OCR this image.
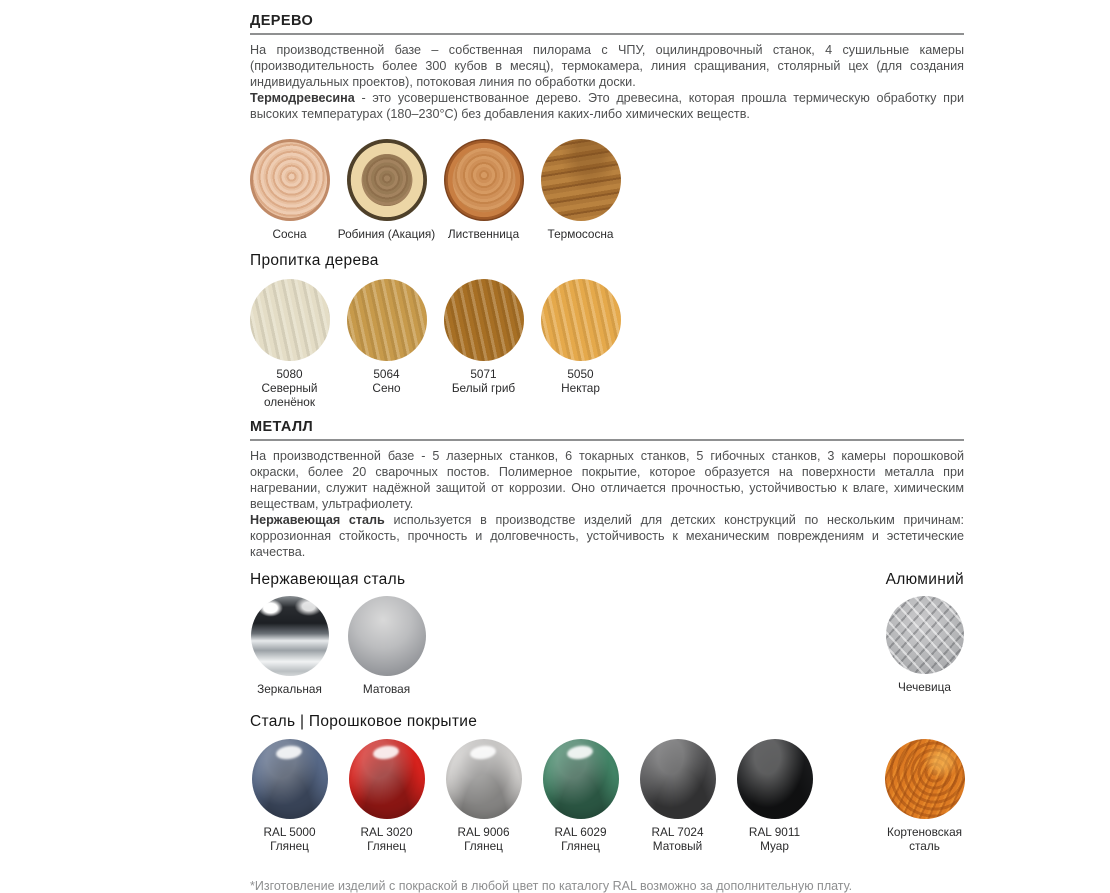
ДЕРЕВО
На производственной базе – собственная пилорама с ЧПУ, оцилиндровочный станок, 4 сушильные камеры (производительность более 300 кубов в месяц), термокамера, линия сращивания, столярный цех (для создания индивидуальных проектов), потоковая линия по обработки доски.
Термодревесина - это усовершенствованное дерево. Это древесина, которая прошла термическую обработку при высоких температурах (180–230°С) без добавления каких-либо химических веществ.
Сосна	Робиния (Акация) Лиственница Термососна
Пропитка дерева
5080
Северный оленёнок
5064
Сено
5071
Белый гриб
5050
Нектар
МЕТАЛЛ
На производственной базе - 5 лазерных станков, 6 токарных станков, 5 гибочных станков, 3 камеры порошковой окраски, более 20 сварочных постов. Полимерное покрытие, которое образуется на поверхности металла при нагревании, служит надёжной защитой от коррозии. Оно отличается прочностью, устойчивостью к влаге, химическим веществам, ультрафиолету.
Нержавеющая сталь используется в производстве изделий для детских конструкций по нескольким причинам: коррозионная стойкость, прочность и долговечность, устойчивость к механическим повреждениям и эстетические качества.
Нержавеющая сталь	Алюминий
Зеркальная	Матовая	Чечевица
Сталь | Порошковое покрытие
RAL 5000
Глянец
RAL 3020
Глянец
RAL 9006
Глянец
RAL 6029
Глянец
RAL 7024
Матовый
RAL 9011
Муар
Кортеновская сталь
*Изготовление изделий с покраской в любой цвет по каталогу RAL возможно за дополнительную плату.
